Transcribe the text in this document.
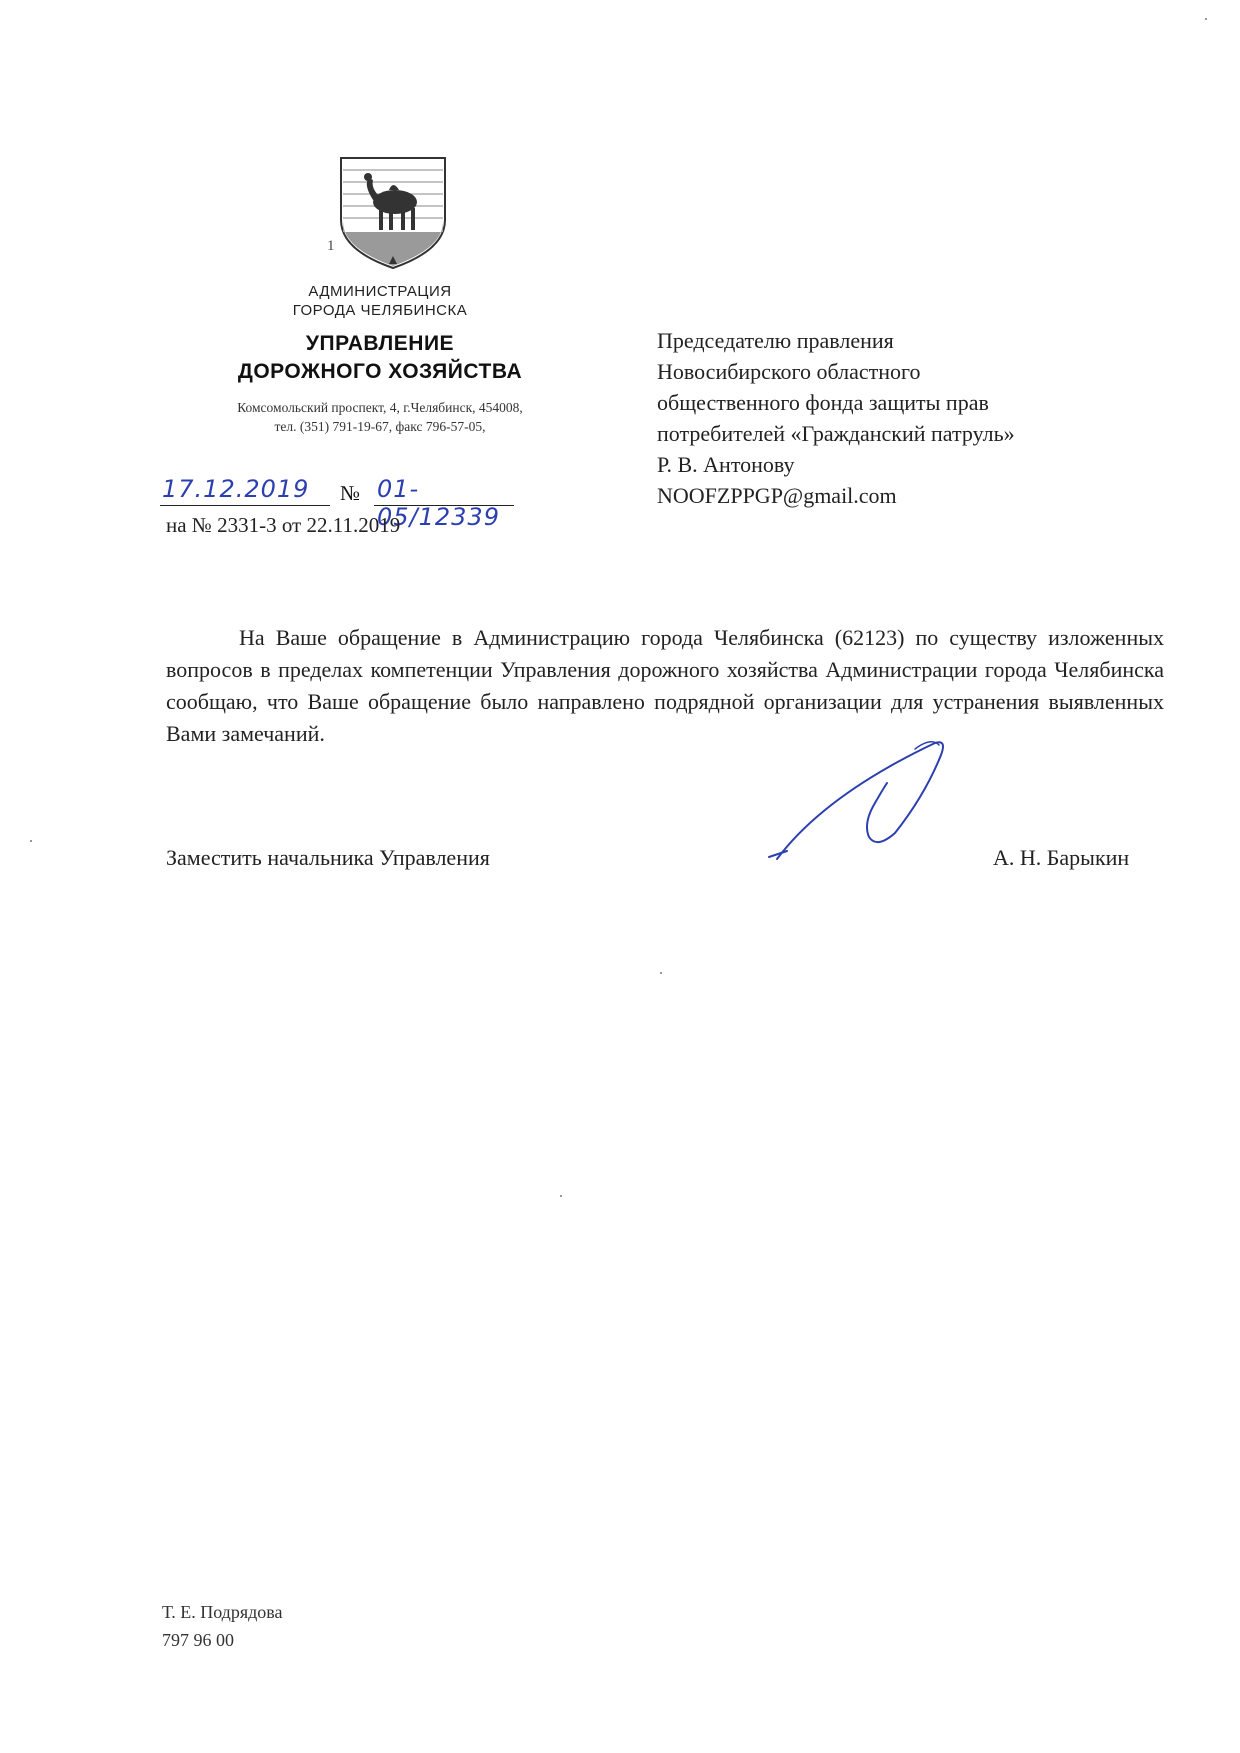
1
АДМИНИСТРАЦИЯ
ГОРОДА ЧЕЛЯБИНСКА
УПРАВЛЕНИЕ
ДОРОЖНОГО ХОЗЯЙСТВА
Комсомольский проспект, 4, г.Челябинск, 454008,
тел. (351) 791-19-67, факс 796-57-05,
17.12.2019 № 01-05/12339
на № 2331-3 от 22.11.2019
Председателю правления
Новосибирского областного
общественного фонда защиты прав
потребителей «Гражданский патруль»
Р. В. Антонову
NOOFZPPGP@gmail.com
На Ваше обращение в Администрацию города Челябинска (62123) по существу изложенных вопросов в пределах компетенции Управления дорожного хозяйства Администрации города Челябинска сообщаю, что Ваше обращение было направлено подрядной организации для устранения выявленных Вами замечаний.
Заместить начальника Управления	А. Н. Барыкин
Т. Е. Подрядова
797 96 00
